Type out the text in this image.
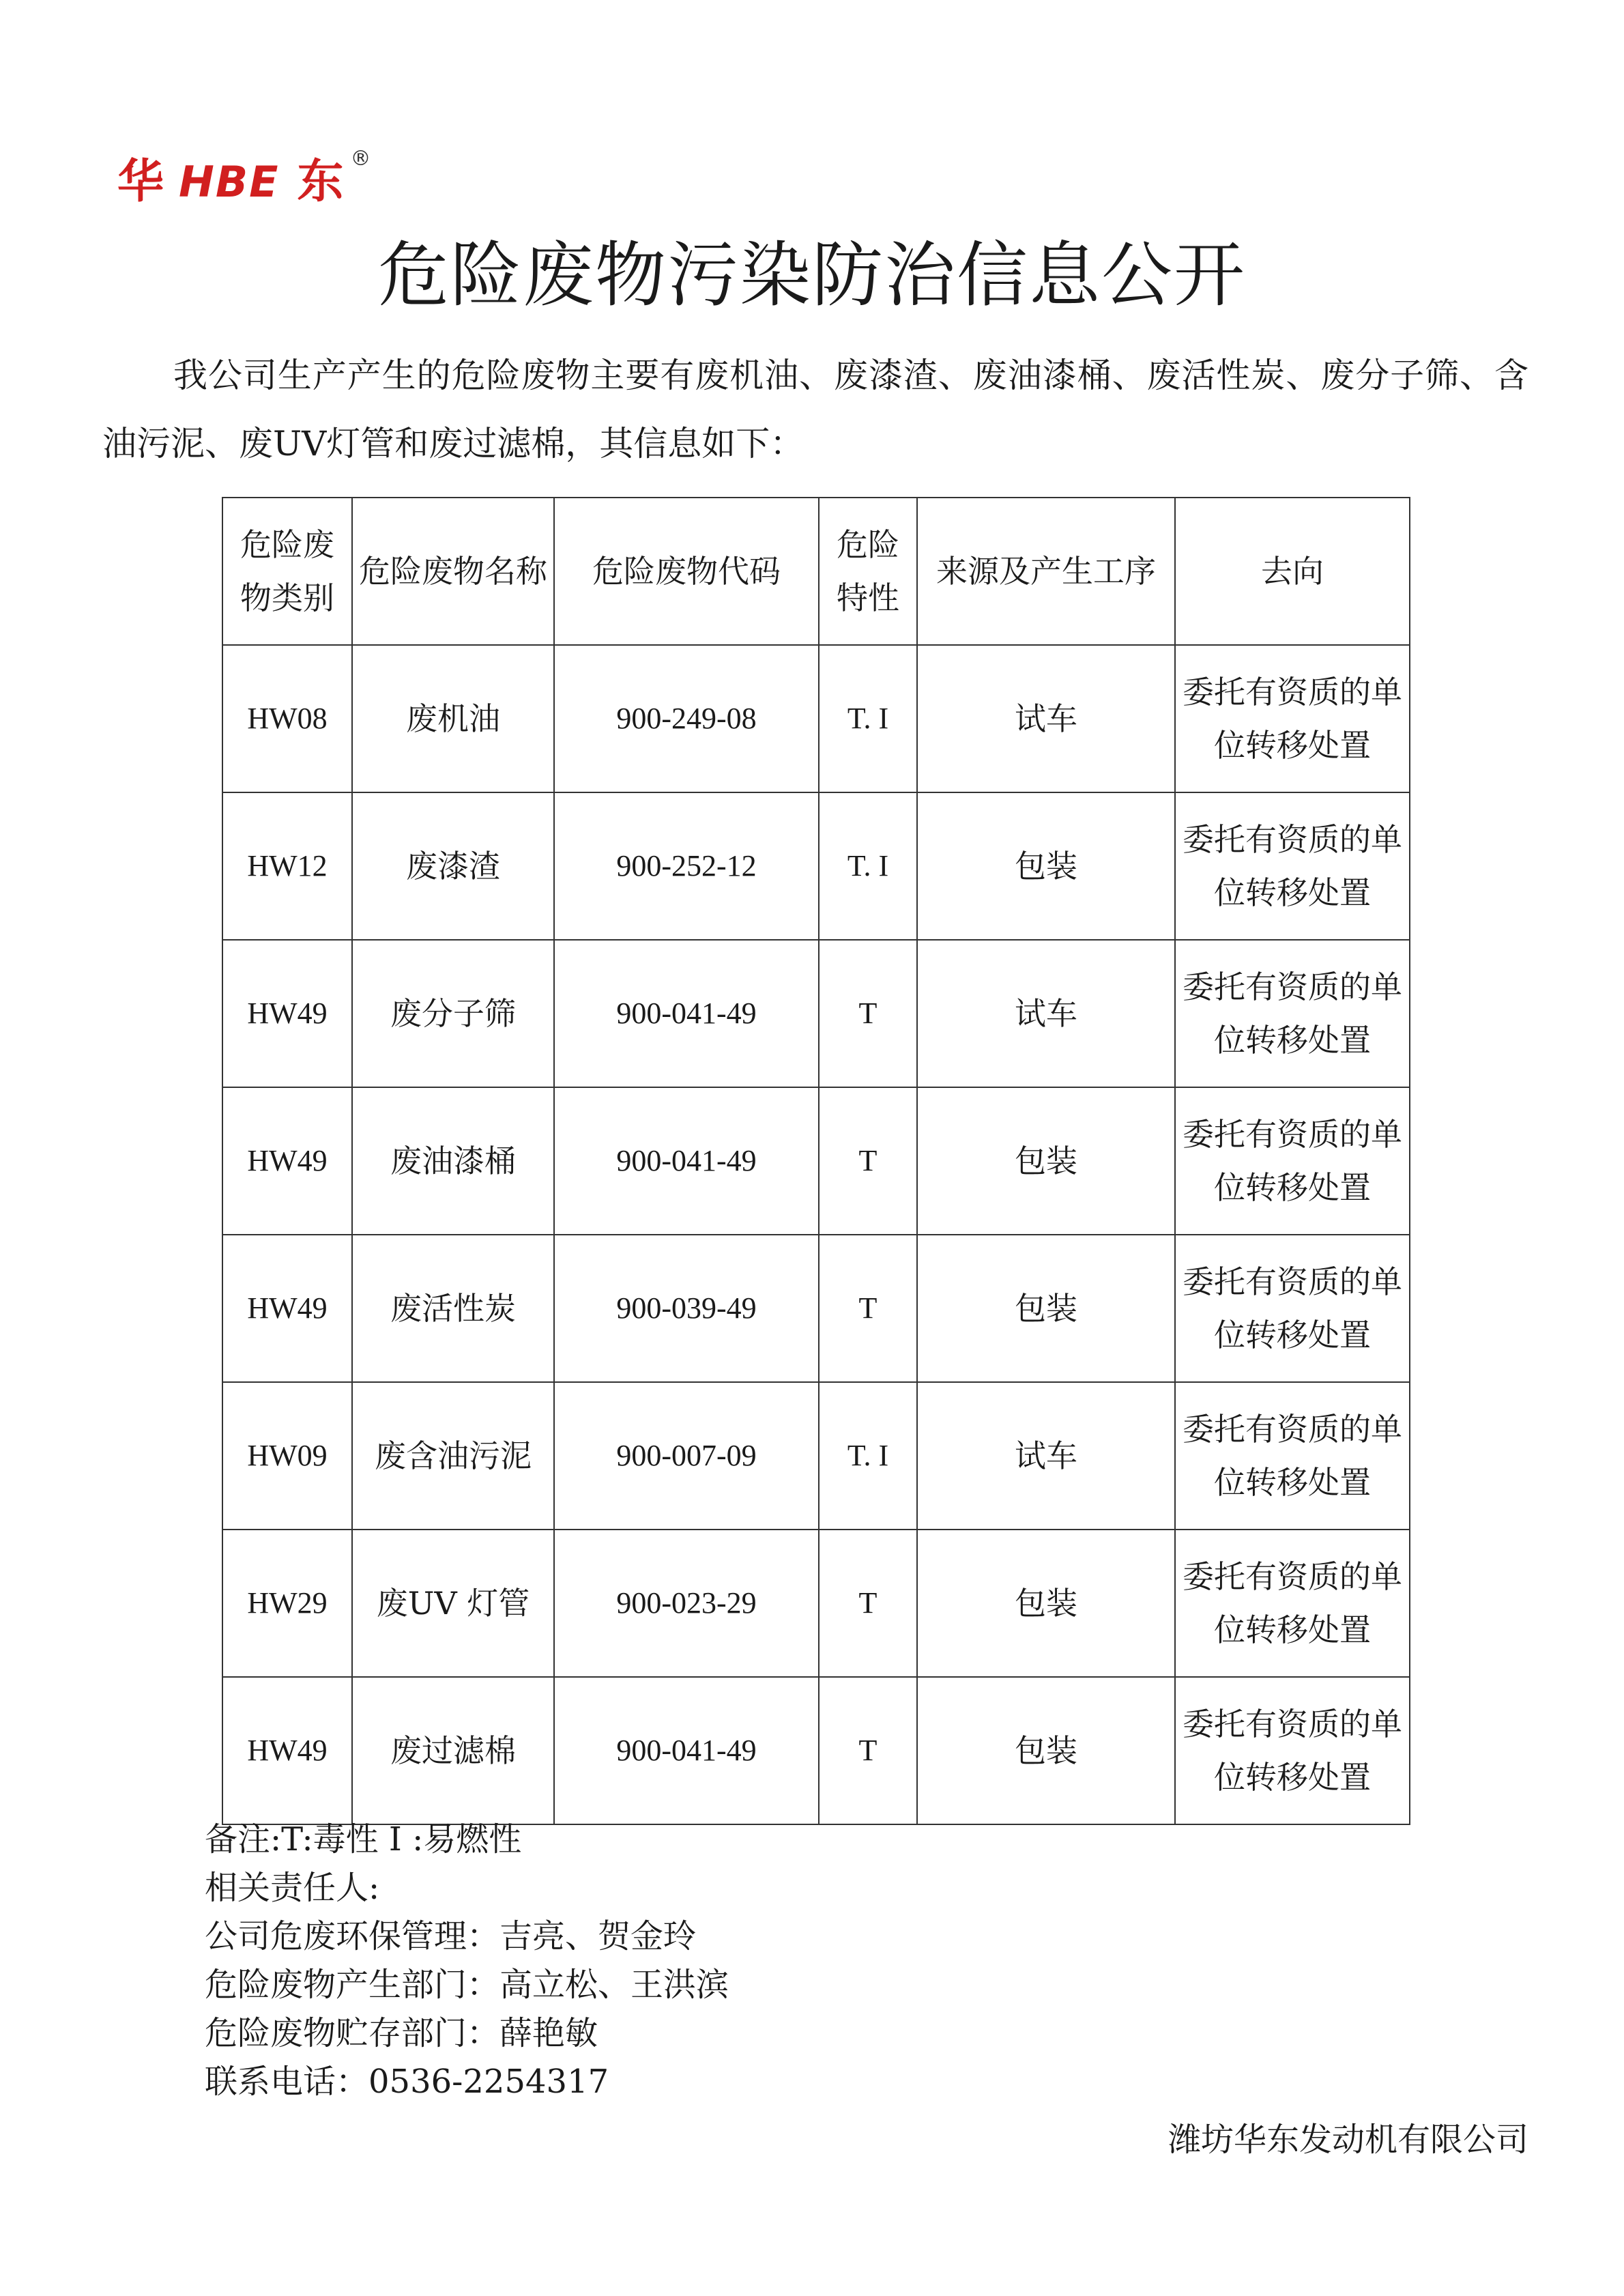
华 HBE 东 ®
危险废物污染防治信息公开
我公司生产产生的危险废物主要有废机油、废漆渣、废油漆桶、废活性炭、废分子筛、含油污泥、废UV灯管和废过滤棉，其信息如下：
危险废物类别	危险废物名称	危险废物代码	危险特性	来源及产生工序	去向
HW08	废机油	900-249-08	T. I	试车	委托有资质的单位转移处置
HW12	废漆渣	900-252-12	T. I	包装	委托有资质的单位转移处置
HW49	废分子筛	900-041-49	T	试车	委托有资质的单位转移处置
HW49	废油漆桶	900-041-49	T	包装	委托有资质的单位转移处置
HW49	废活性炭	900-039-49	T	包装	委托有资质的单位转移处置
HW09	废含油污泥	900-007-09	T. I	试车	委托有资质的单位转移处置
HW29	废UV 灯管	900-023-29	T	包装	委托有资质的单位转移处置
HW49	废过滤棉	900-041-49	T	包装	委托有资质的单位转移处置
备注:T:毒性 I :易燃性
相关责任人:
公司危废环保管理：吉亮、贺金玲
危险废物产生部门：高立松、王洪滨
危险废物贮存部门：薛艳敏
联系电话：0536-2254317
潍坊华东发动机有限公司
